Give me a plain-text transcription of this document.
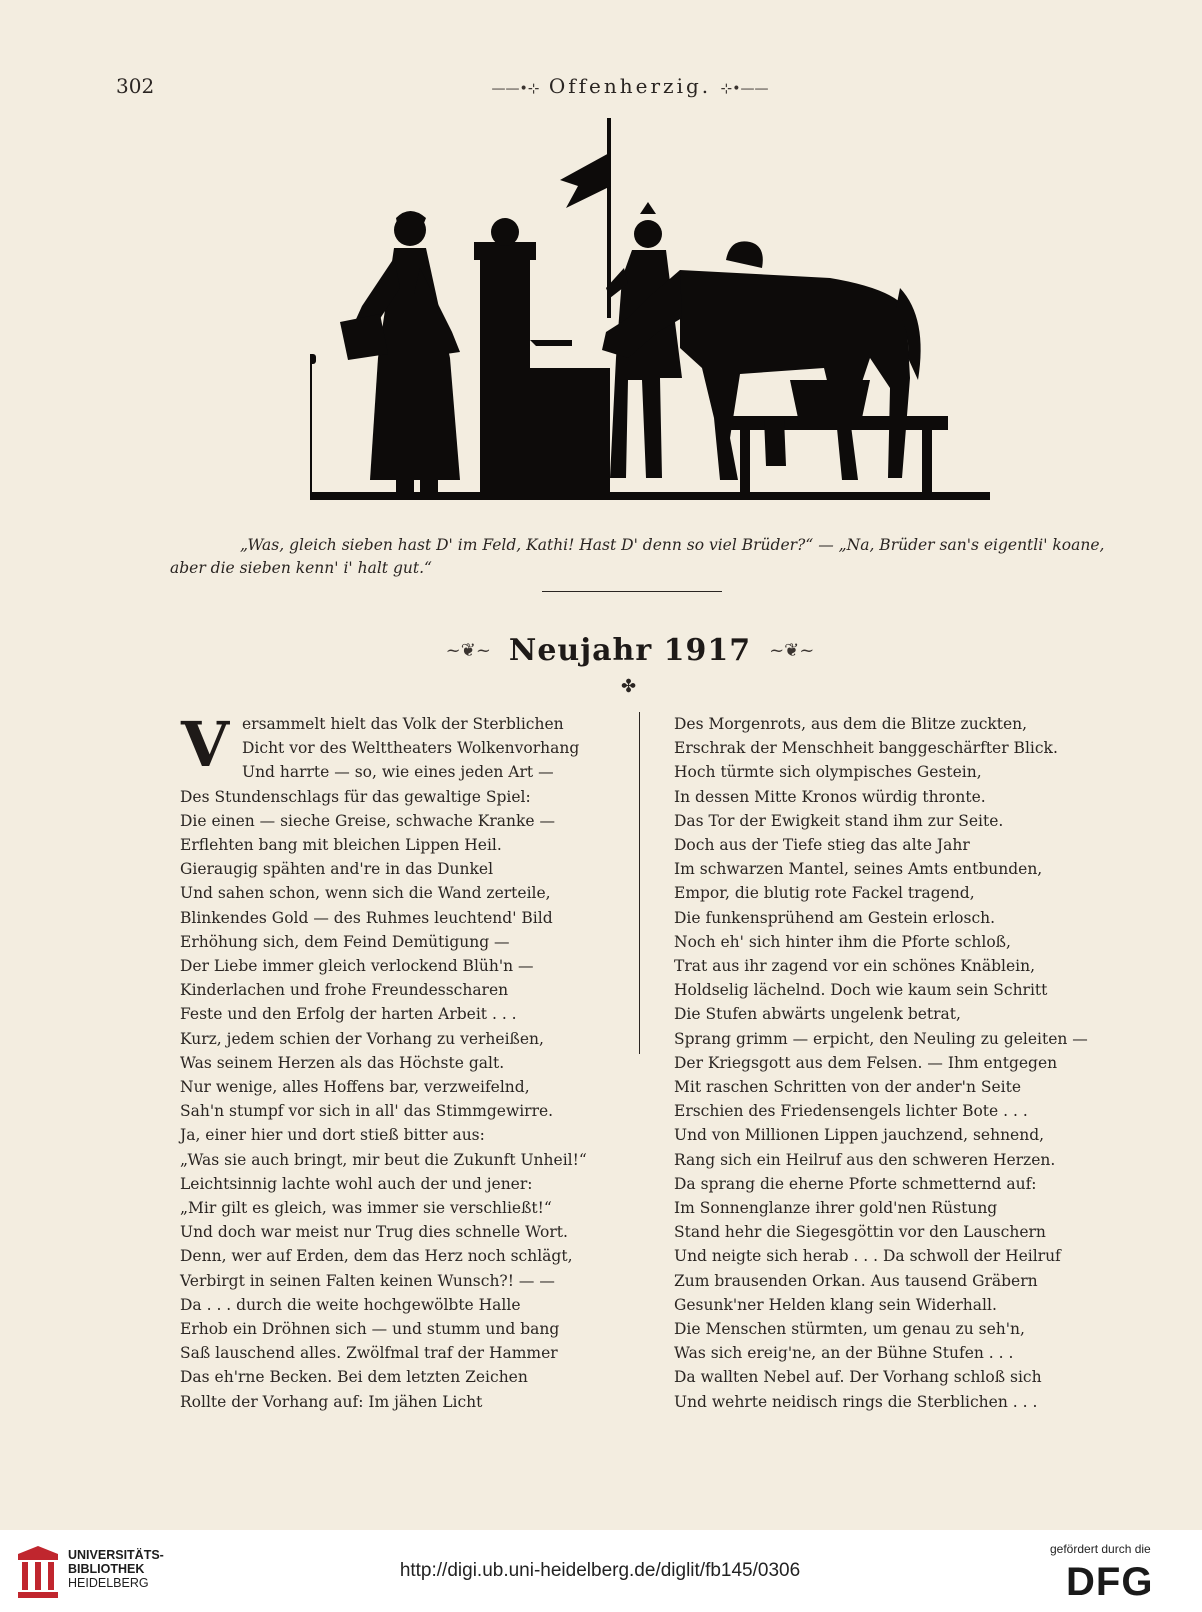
302	——•⊹ Offenherzig. ⊹•——
„Was, gleich sieben hast D' im Feld, Kathi! Hast D' denn so viel Brüder?“ — „Na, Brüder san's eigentli' koane, aber die sieben kenn' i' halt gut.“
~❦~ Neujahr 1917 ~❦~
✤
V ersammelt hielt das Volk der Sterblichen
Dicht vor des Welttheaters Wolkenvorhang
Und harrte — so, wie eines jeden Art —
Des Stundenschlags für das gewaltige Spiel:
Die einen — sieche Greise, schwache Kranke —
Erflehten bang mit bleichen Lippen Heil.
Gieraugig spähten and're in das Dunkel
Und sahen schon, wenn sich die Wand zerteile,
Blinkendes Gold — des Ruhmes leuchtend' Bild
Erhöhung sich, dem Feind Demütigung —
Der Liebe immer gleich verlockend Blüh'n —
Kinderlachen und frohe Freundesscharen
Feste und den Erfolg der harten Arbeit . . .
Kurz, jedem schien der Vorhang zu verheißen,
Was seinem Herzen als das Höchste galt.
Nur wenige, alles Hoffens bar, verzweifelnd,
Sah'n stumpf vor sich in all' das Stimmgewirre.
Ja, einer hier und dort stieß bitter aus:
„Was sie auch bringt, mir beut die Zukunft Unheil!“
Leichtsinnig lachte wohl auch der und jener:
„Mir gilt es gleich, was immer sie verschließt!“
Und doch war meist nur Trug dies schnelle Wort.
Denn, wer auf Erden, dem das Herz noch schlägt,
Verbirgt in seinen Falten keinen Wunsch?! — —
Da . . . durch die weite hochgewölbte Halle
Erhob ein Dröhnen sich — und stumm und bang
Saß lauschend alles. Zwölfmal traf der Hammer
Das eh'rne Becken. Bei dem letzten Zeichen
Rollte der Vorhang auf: Im jähen Licht
Des Morgenrots, aus dem die Blitze zuckten,
Erschrak der Menschheit banggeschärfter Blick.
Hoch türmte sich olympisches Gestein,
In dessen Mitte Kronos würdig thronte.
Das Tor der Ewigkeit stand ihm zur Seite.
Doch aus der Tiefe stieg das alte Jahr
Im schwarzen Mantel, seines Amts entbunden,
Empor, die blutig rote Fackel tragend,
Die funkensprühend am Gestein erlosch.
Noch eh' sich hinter ihm die Pforte schloß,
Trat aus ihr zagend vor ein schönes Knäblein,
Holdselig lächelnd. Doch wie kaum sein Schritt
Die Stufen abwärts ungelenk betrat,
Sprang grimm — erpicht, den Neuling zu geleiten —
Der Kriegsgott aus dem Felsen. — Ihm entgegen
Mit raschen Schritten von der ander'n Seite
Erschien des Friedensengels lichter Bote . . .
Und von Millionen Lippen jauchzend, sehnend,
Rang sich ein Heilruf aus den schweren Herzen.
Da sprang die eherne Pforte schmetternd auf:
Im Sonnenglanze ihrer gold'nen Rüstung
Stand hehr die Siegesgöttin vor den Lauschern
Und neigte sich herab . . . Da schwoll der Heilruf
Zum brausenden Orkan. Aus tausend Gräbern
Gesunk'ner Helden klang sein Widerhall.
Die Menschen stürmten, um genau zu seh'n,
Was sich ereig'ne, an der Bühne Stufen . . .
Da wallten Nebel auf. Der Vorhang schloß sich
Und wehrte neidisch rings die Sterblichen . . .
UNIVERSITÄTS-
BIBLIOTHEK
HEIDELBERG
http://digi.ub.uni-heidelberg.de/diglit/fb145/0306
gefördert durch die
DFG
